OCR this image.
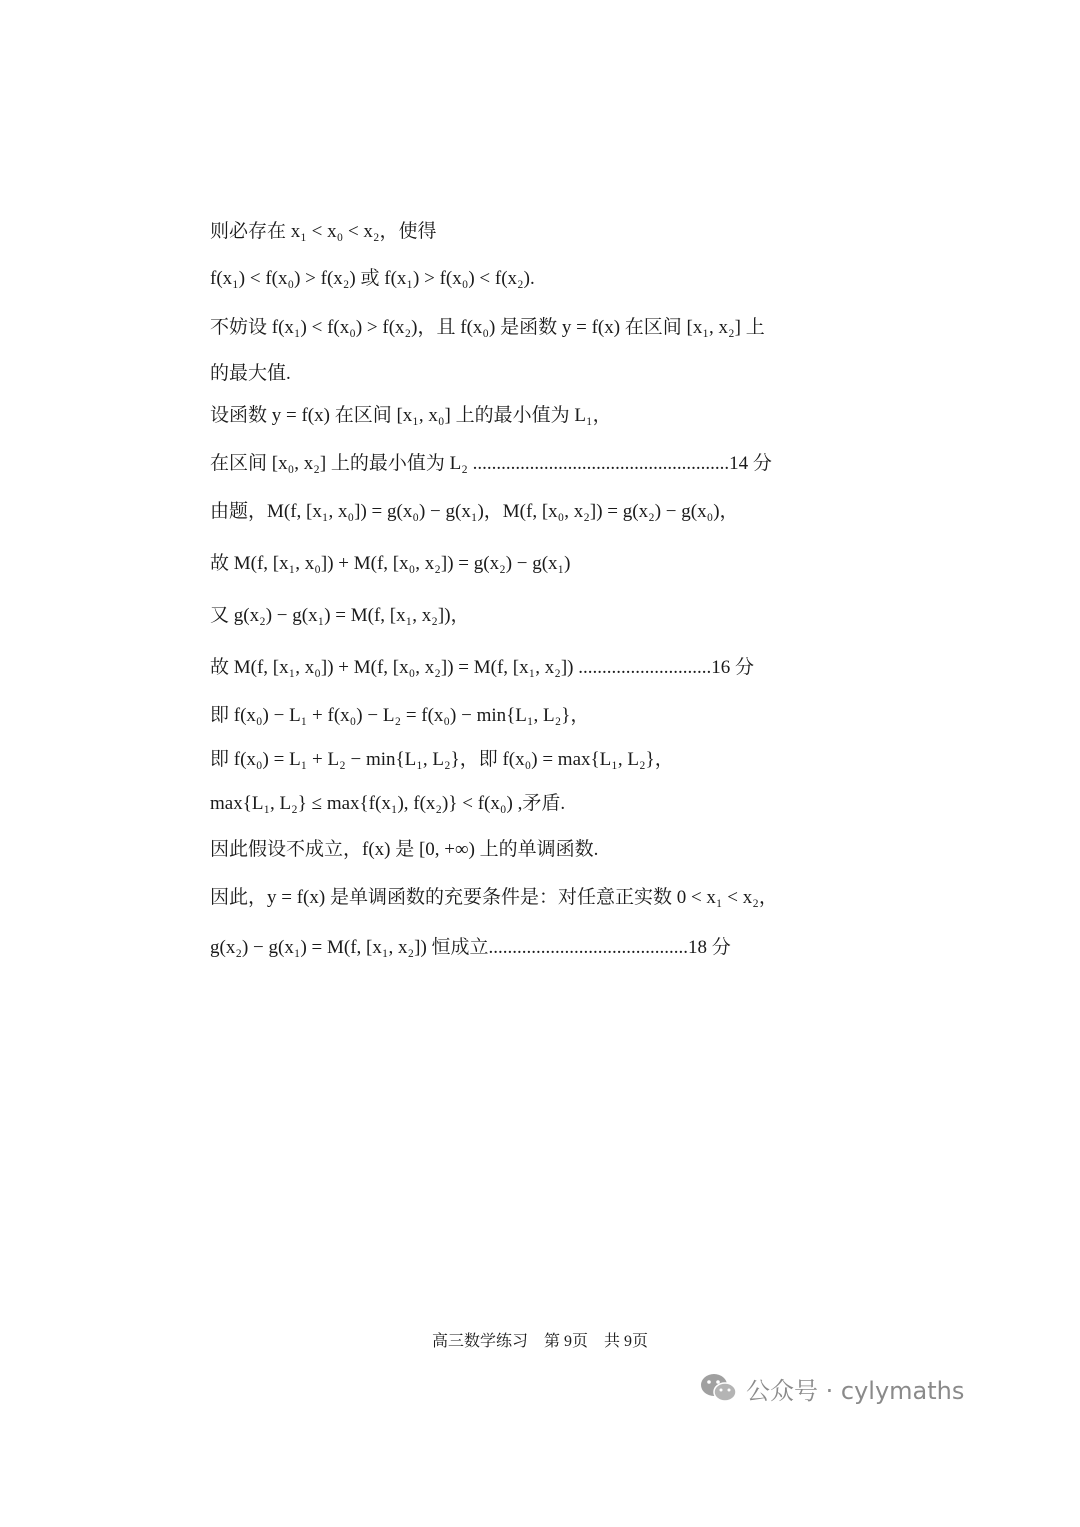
则必存在 x₁ < x₀ < x₂，使得
f(x₁) < f(x₀) > f(x₂) 或 f(x₁) > f(x₀) < f(x₂).
不妨设 f(x₁) < f(x₀) > f(x₂)，且 f(x₀) 是函数 y = f(x) 在区间 [x₁, x₂] 上
的最大值.
设函数 y = f(x) 在区间 [x₁, x₀] 上的最小值为 L₁，
在区间 [x₀, x₂] 上的最小值为 L₂ ......................................................14 分
由题，M(f, [x₁, x₀]) = g(x₀) − g(x₁)，M(f, [x₀, x₂]) = g(x₂) − g(x₀)，
故 M(f, [x₁, x₀]) + M(f, [x₀, x₂]) = g(x₂) − g(x₁)
又 g(x₂) − g(x₁) = M(f, [x₁, x₂])，
故 M(f, [x₁, x₀]) + M(f, [x₀, x₂]) = M(f, [x₁, x₂]) ............................16 分
即 f(x₀) − L₁ + f(x₀) − L₂ = f(x₀) − min{L₁, L₂}，
即 f(x₀) = L₁ + L₂ − min{L₁, L₂}，即 f(x₀) = max{L₁, L₂}，
max{L₁, L₂} ≤ max{f(x₁), f(x₂)} < f(x₀) ,矛盾.
因此假设不成立，f(x) 是 [0, +∞) 上的单调函数.
因此，y = f(x) 是单调函数的充要条件是：对任意正实数 0 < x₁ < x₂，
g(x₂) − g(x₁) = M(f, [x₁, x₂]) 恒成立..........................................18 分
高三数学练习　第 9页　共 9页
公众号 · cylymaths
